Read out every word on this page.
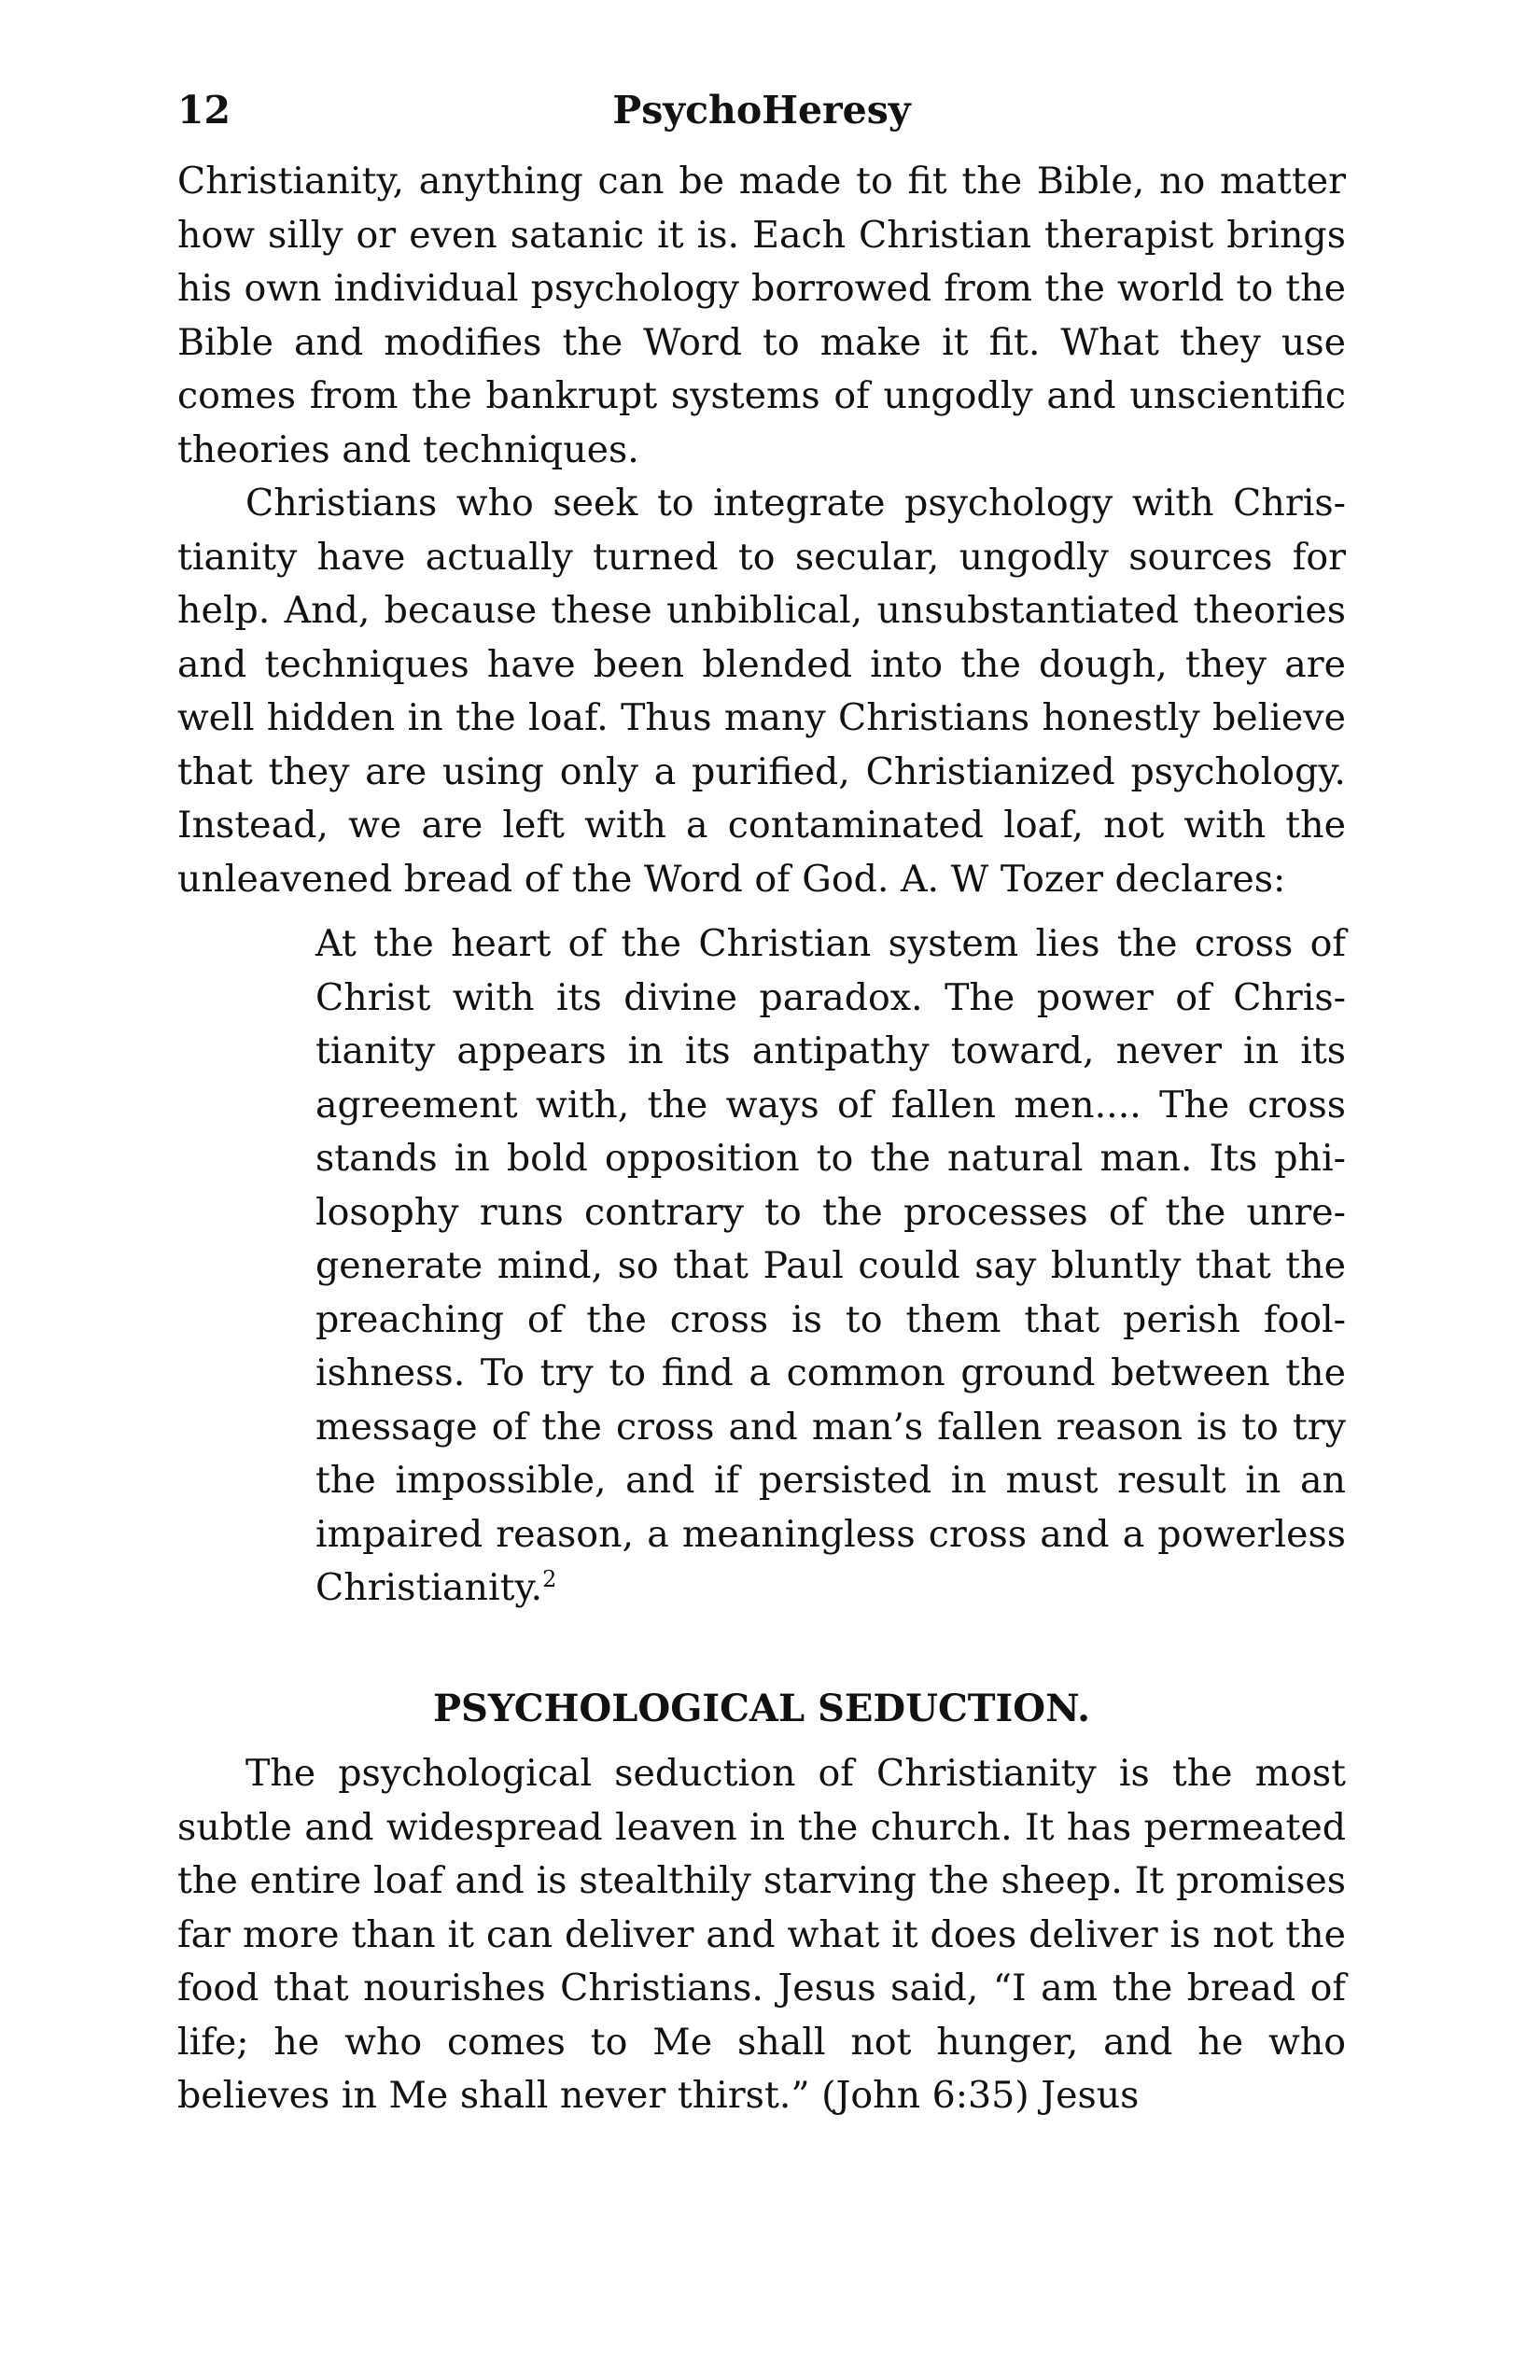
12	PsychoHeresy

Christianity, anything can be made to fit the Bible, no matter how silly or even satanic it is. Each Christian therapist brings his own individual psychology borrowed from the world to the Bible and modifies the Word to make it fit. What they use comes from the bankrupt systems of ungodly and unscientific theories and techniques.

Christians who seek to integrate psychology with Christianity have actually turned to secular, ungodly sources for help. And, because these unbiblical, unsubstantiated theories and techniques have been blended into the dough, they are well hidden in the loaf. Thus many Christians honestly believe that they are using only a purified, Christianized psychology. Instead, we are left with a contaminated loaf, not with the unleavened bread of the Word of God. A. W Tozer declares:

At the heart of the Christian system lies the cross of Christ with its divine paradox. The power of Christianity appears in its antipathy toward, never in its agreement with, the ways of fallen men.... The cross stands in bold opposition to the natural man. Its philosophy runs contrary to the processes of the unregenerate mind, so that Paul could say bluntly that the preaching of the cross is to them that perish foolishness. To try to find a common ground between the message of the cross and man’s fallen reason is to try the impossible, and if persisted in must result in an impaired reason, a meaningless cross and a powerless Christianity.$^2$

PSYCHOLOGICAL SEDUCTION.

The psychological seduction of Christianity is the most subtle and widespread leaven in the church. It has permeated the entire loaf and is stealthily starving the sheep. It promises far more than it can deliver and what it does deliver is not the food that nourishes Christians. Jesus said, “I am the bread of life; he who comes to Me shall not hunger, and he who believes in Me shall never thirst.” (John 6:35) Jesus
